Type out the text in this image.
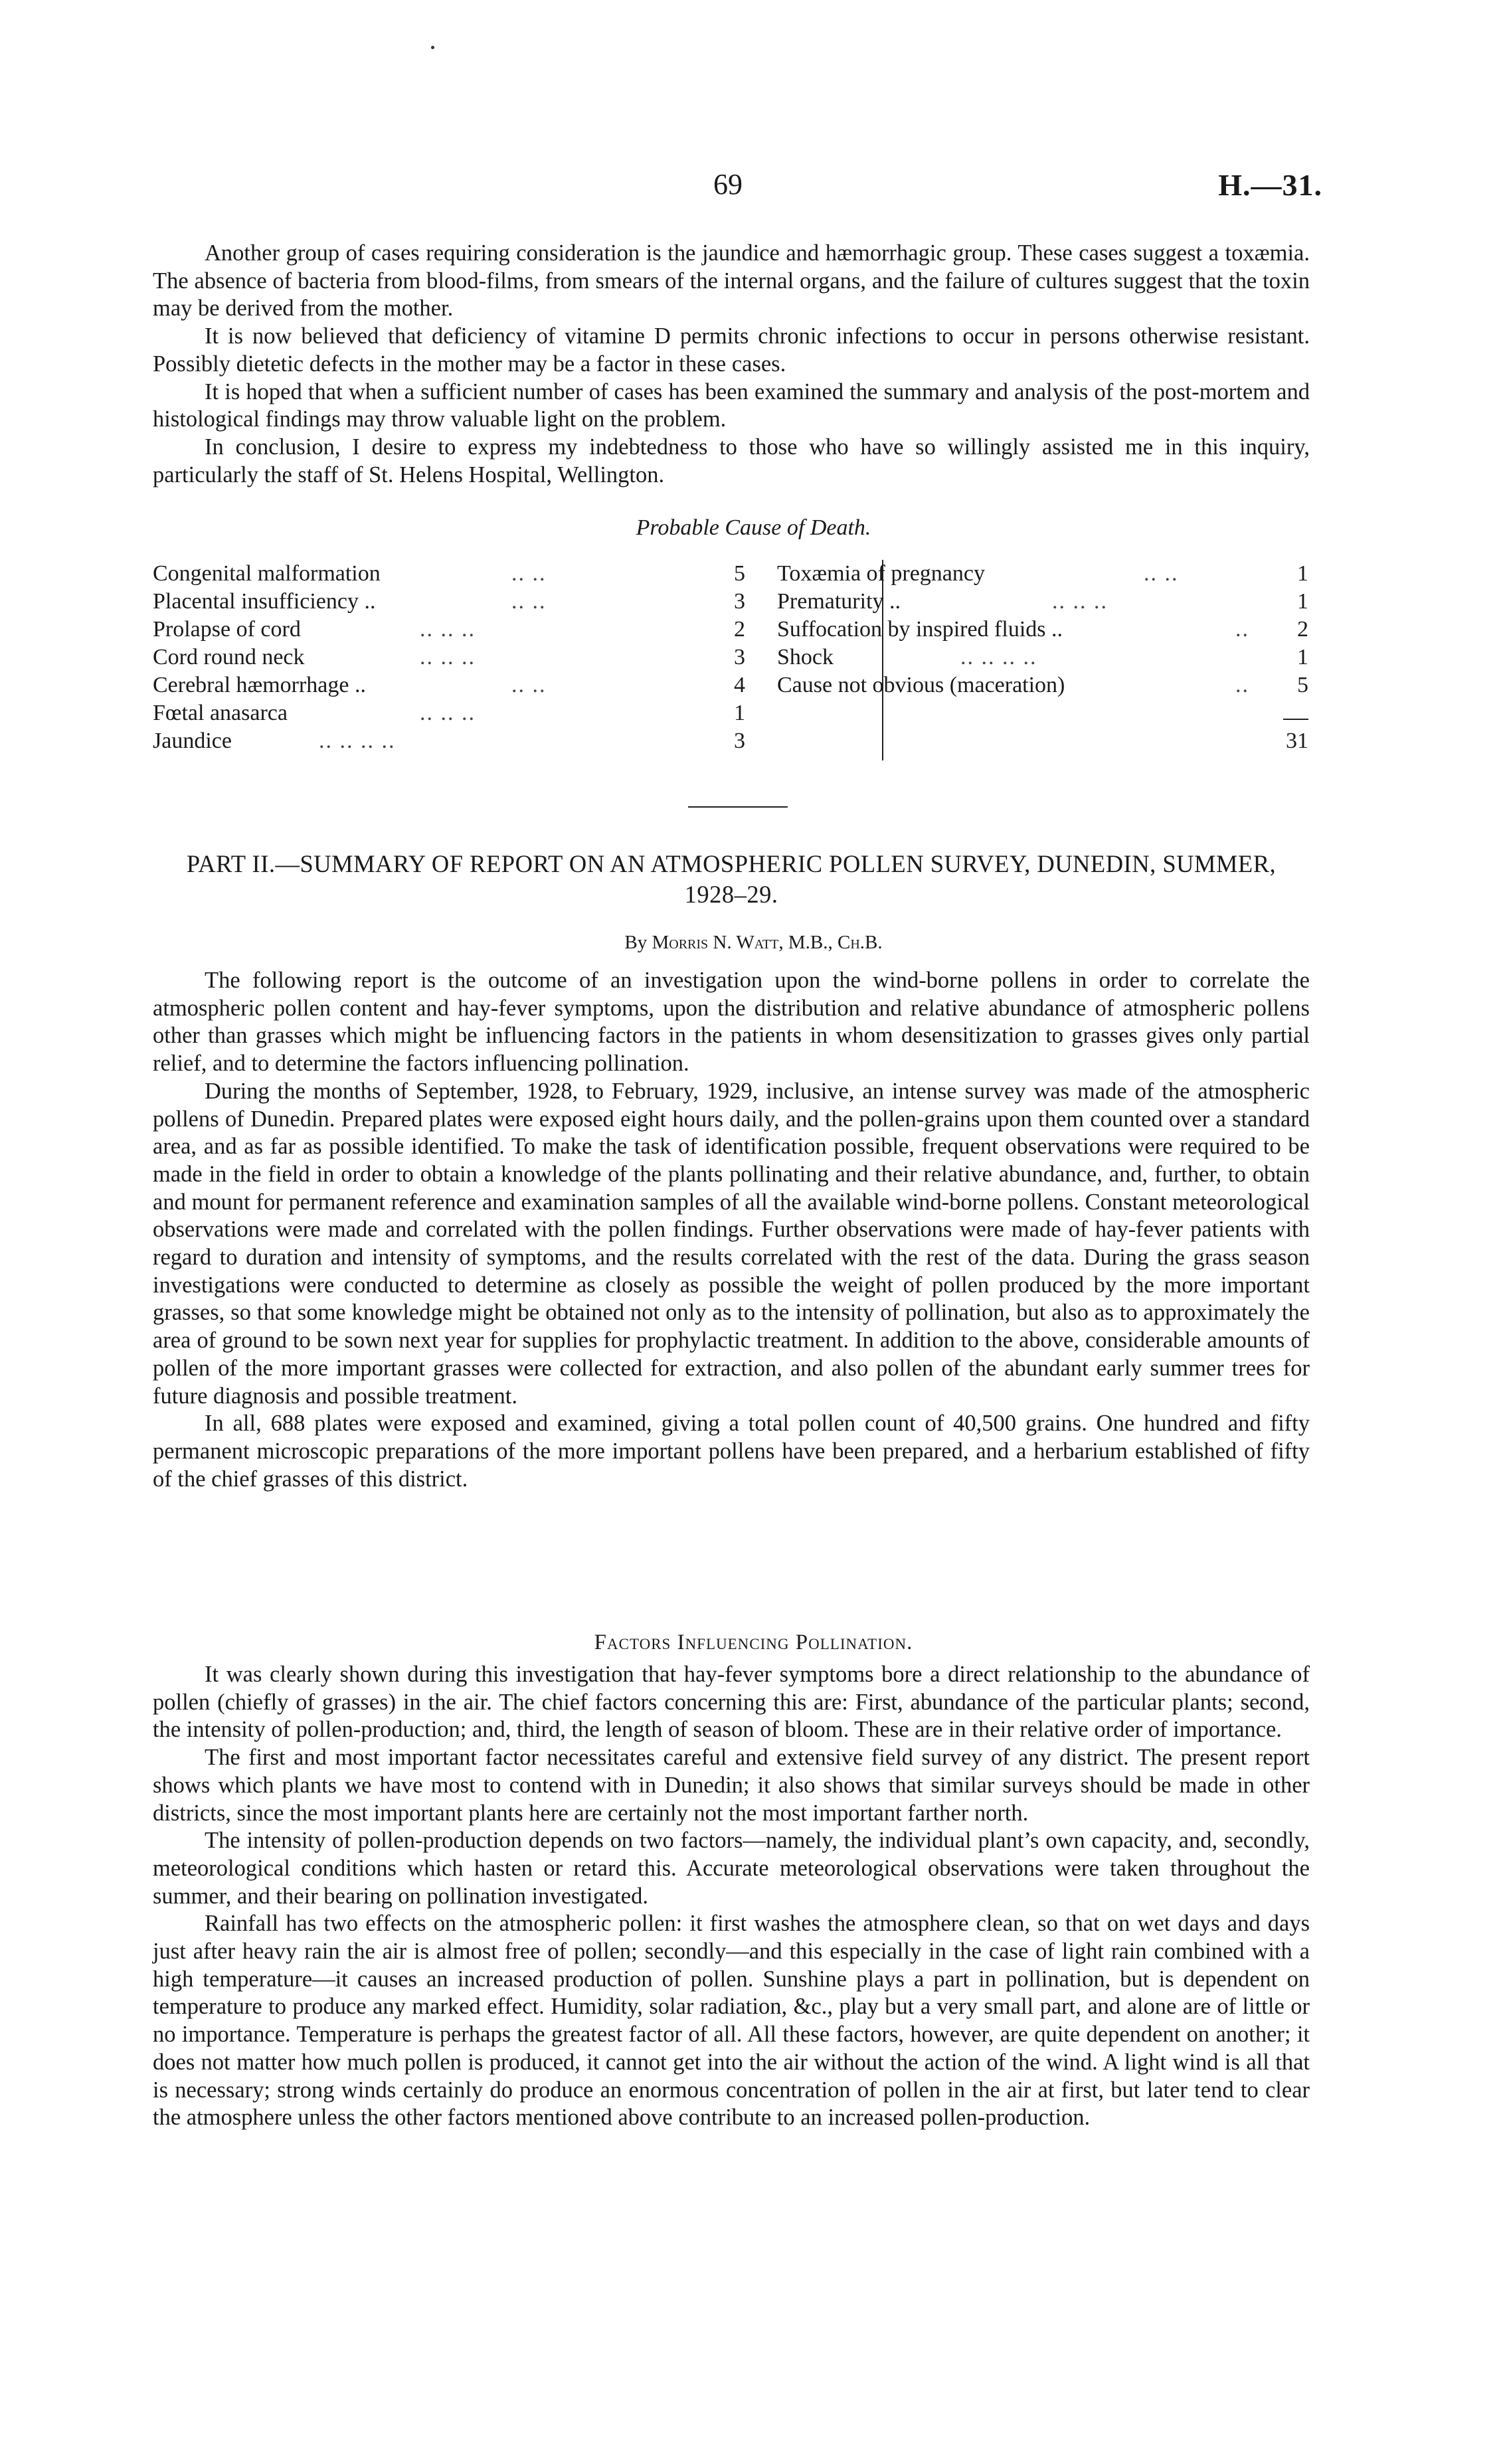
69	H.—31.

Another group of cases requiring consideration is the jaundice and hæmorrhagic group. These cases suggest a toxæmia. The absence of bacteria from blood-films, from smears of the internal organs, and the failure of cultures suggest that the toxin may be derived from the mother.

It is now believed that deficiency of vitamine D permits chronic infections to occur in persons otherwise resistant. Possibly dietetic defects in the mother may be a factor in these cases.

It is hoped that when a sufficient number of cases has been examined the summary and analysis of the post-mortem and histological findings may throw valuable light on the problem.

In conclusion, I desire to express my indebtedness to those who have so willingly assisted me in this inquiry, particularly the staff of St. Helens Hospital, Wellington.

Probable Cause of Death.
Congenital malformation	.. ..	5
Placental insufficiency ..	.. ..	3
Prolapse of cord	.. .. ..	2
Cord round neck	.. .. ..	3
Cerebral hæmorrhage ..	.. ..	4
Fœtal anasarca	.. .. ..	1
Jaundice	.. .. .. ..	3
Toxæmia of pregnancy	.. ..	1
Prematurity ..	.. .. ..	1
Suffocation by inspired fluids ..	..	2
Shock	.. .. .. ..	1
Cause not obvious (maceration)	..	5
31
PART II.—SUMMARY OF REPORT ON AN ATMOSPHERIC POLLEN SURVEY, DUNEDIN, SUMMER, 1928–29.
By Morris N. Watt, M.B., Ch.B.

The following report is the outcome of an investigation upon the wind-borne pollens in order to correlate the atmospheric pollen content and hay-fever symptoms, upon the distribution and relative abundance of atmospheric pollens other than grasses which might be influencing factors in the patients in whom desensitization to grasses gives only partial relief, and to determine the factors influencing pollination.

During the months of September, 1928, to February, 1929, inclusive, an intense survey was made of the atmospheric pollens of Dunedin. Prepared plates were exposed eight hours daily, and the pollen-grains upon them counted over a standard area, and as far as possible identified. To make the task of identification possible, frequent observations were required to be made in the field in order to obtain a knowledge of the plants pollinating and their relative abundance, and, further, to obtain and mount for permanent reference and examination samples of all the available wind-borne pollens. Constant meteorological observations were made and correlated with the pollen findings. Further observations were made of hay-fever patients with regard to duration and intensity of symptoms, and the results correlated with the rest of the data. During the grass season investigations were conducted to determine as closely as possible the weight of pollen produced by the more important grasses, so that some knowledge might be obtained not only as to the intensity of pollination, but also as to approximately the area of ground to be sown next year for supplies for prophylactic treatment. In addition to the above, considerable amounts of pollen of the more important grasses were collected for extraction, and also pollen of the abundant early summer trees for future diagnosis and possible treatment.

In all, 688 plates were exposed and examined, giving a total pollen count of 40,500 grains. One hundred and fifty permanent microscopic preparations of the more important pollens have been prepared, and a herbarium established of fifty of the chief grasses of this district.

Factors Influencing Pollination.

It was clearly shown during this investigation that hay-fever symptoms bore a direct relationship to the abundance of pollen (chiefly of grasses) in the air. The chief factors concerning this are: First, abundance of the particular plants; second, the intensity of pollen-production; and, third, the length of season of bloom. These are in their relative order of importance.

The first and most important factor necessitates careful and extensive field survey of any district. The present report shows which plants we have most to contend with in Dunedin; it also shows that similar surveys should be made in other districts, since the most important plants here are certainly not the most important farther north.

The intensity of pollen-production depends on two factors—namely, the individual plant’s own capacity, and, secondly, meteorological conditions which hasten or retard this. Accurate meteorological observations were taken throughout the summer, and their bearing on pollination investigated.

Rainfall has two effects on the atmospheric pollen: it first washes the atmosphere clean, so that on wet days and days just after heavy rain the air is almost free of pollen; secondly—and this especially in the case of light rain combined with a high temperature—it causes an increased production of pollen. Sunshine plays a part in pollination, but is dependent on temperature to produce any marked effect. Humidity, solar radiation, &c., play but a very small part, and alone are of little or no importance. Temperature is perhaps the greatest factor of all. All these factors, however, are quite dependent on another; it does not matter how much pollen is produced, it cannot get into the air without the action of the wind. A light wind is all that is necessary; strong winds certainly do produce an enormous concentration of pollen in the air at first, but later tend to clear the atmosphere unless the other factors mentioned above contribute to an increased pollen-production.
